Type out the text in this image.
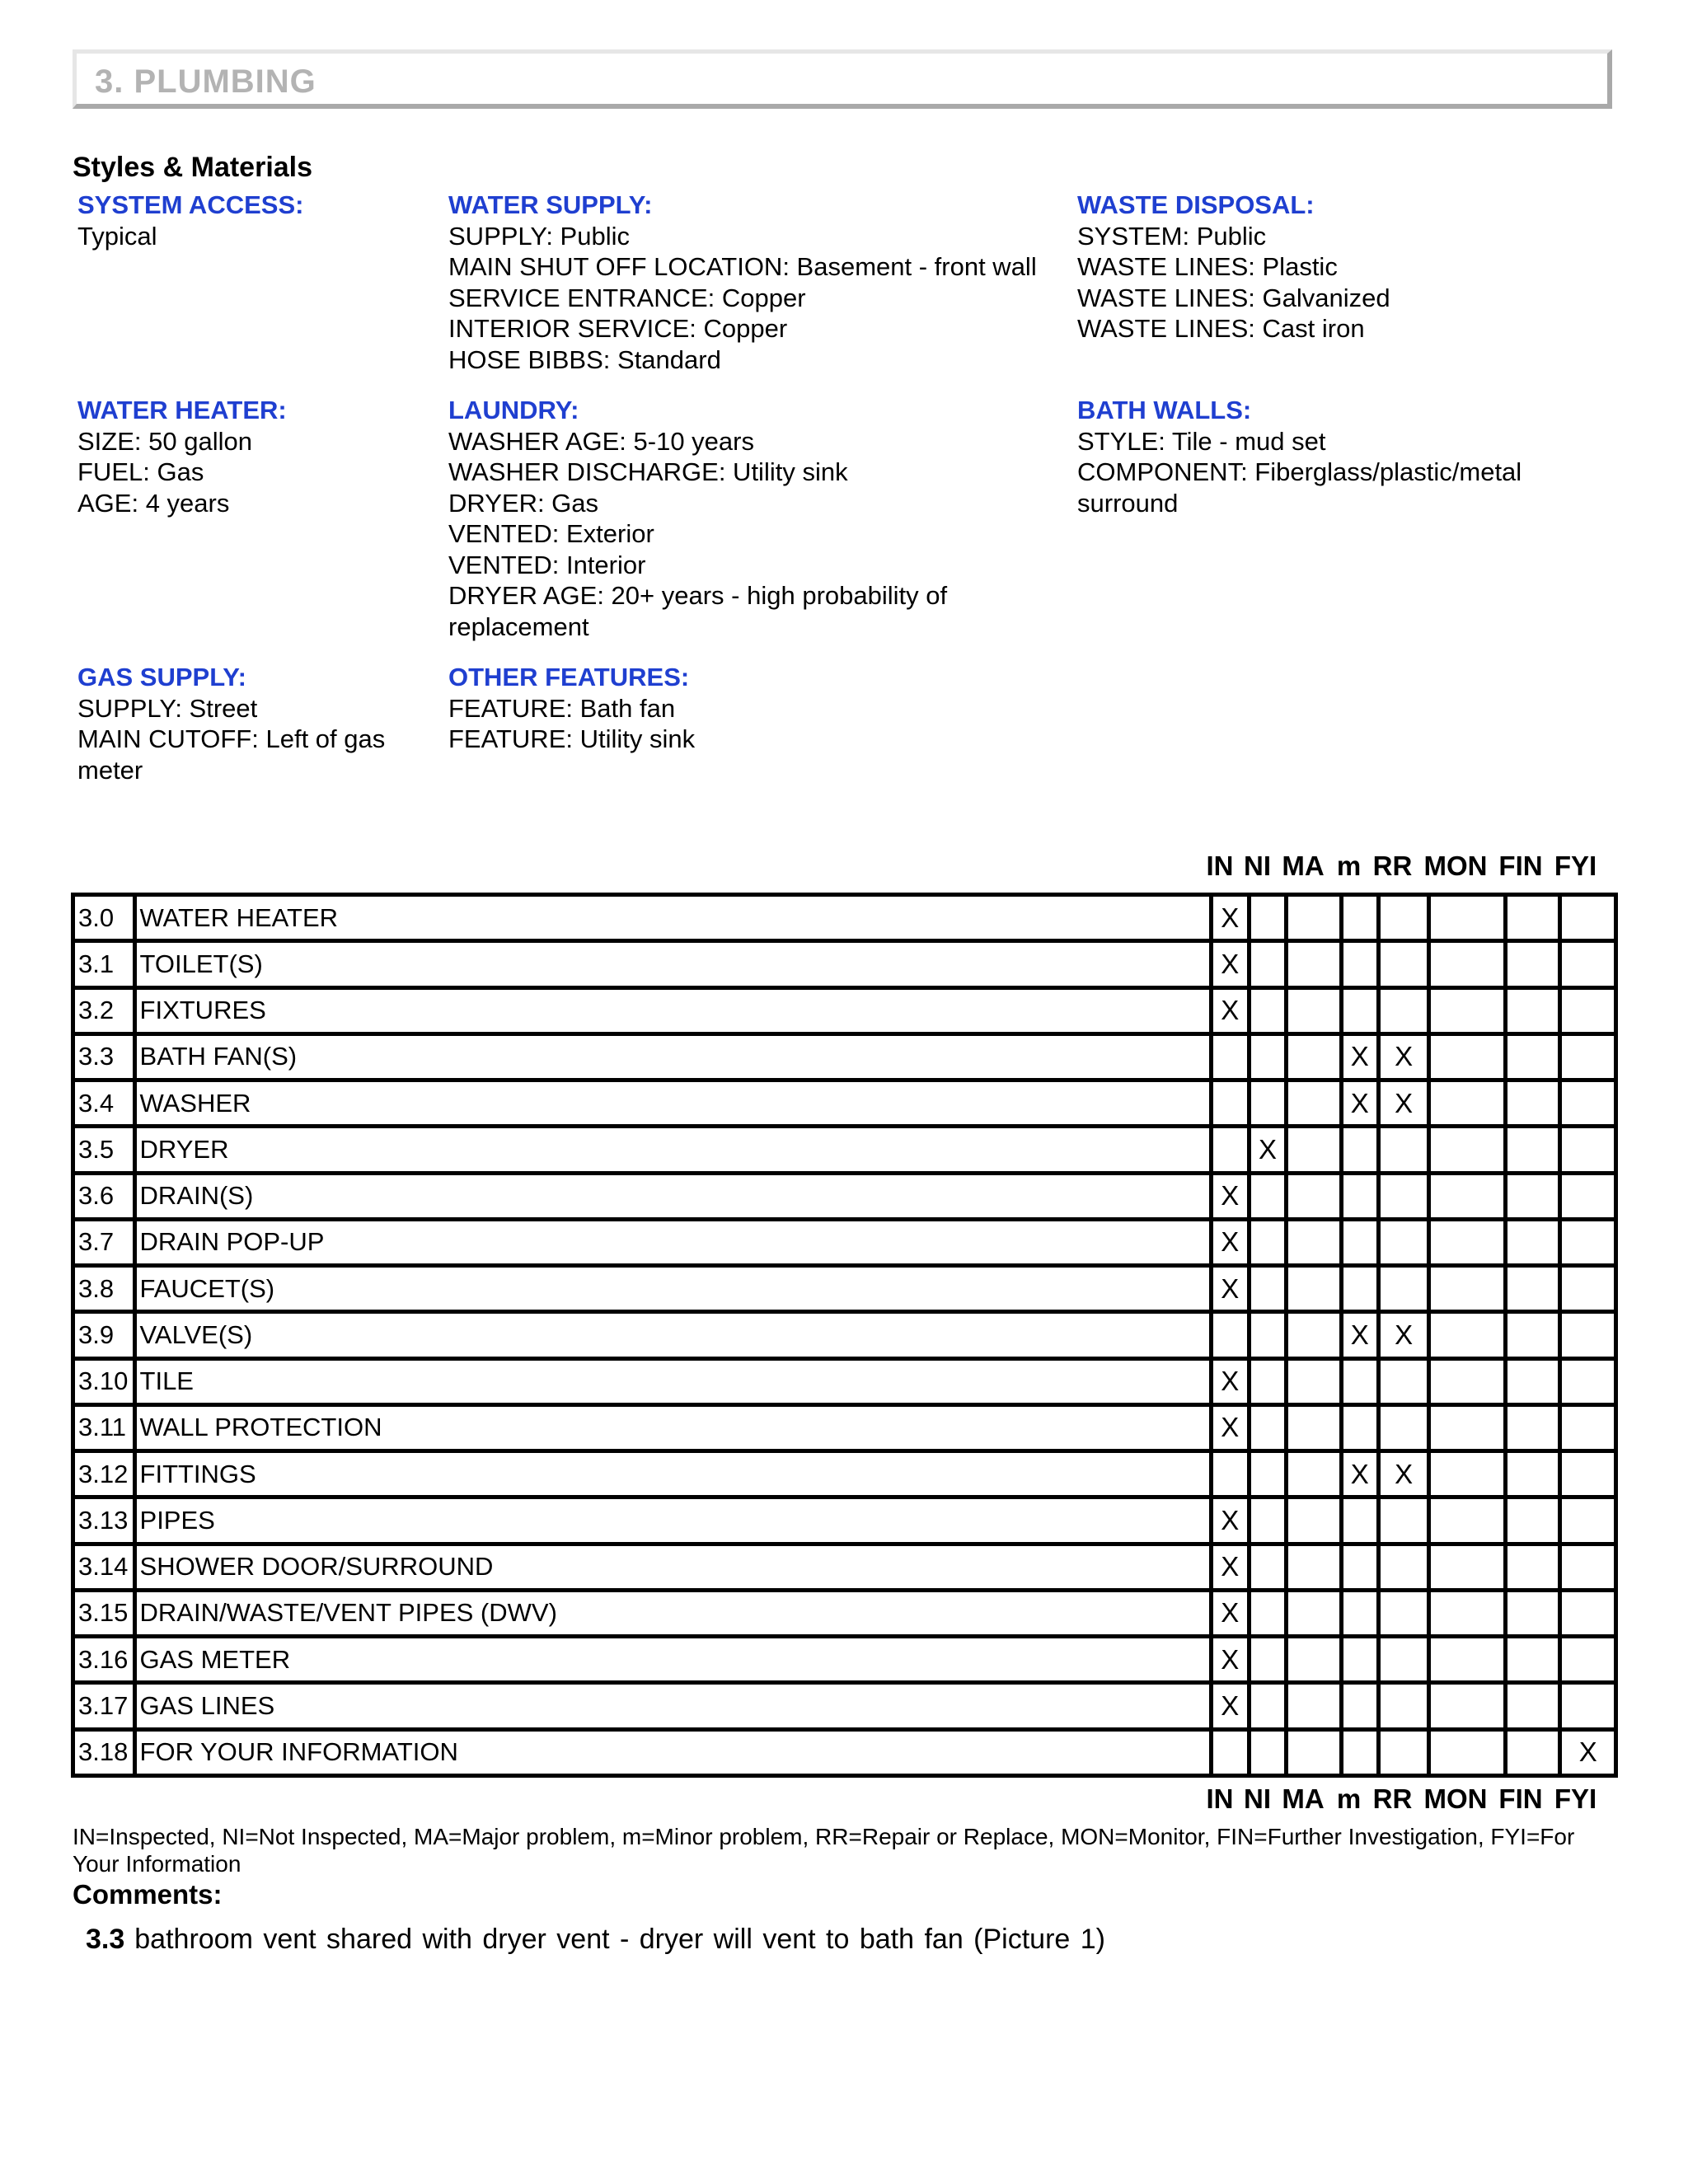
3. PLUMBING
Styles & Materials
SYSTEM ACCESS:
Typical
WATER SUPPLY:
SUPPLY: Public
MAIN SHUT OFF LOCATION: Basement - front wall
SERVICE ENTRANCE: Copper
INTERIOR SERVICE: Copper
HOSE BIBBS: Standard
WASTE DISPOSAL:
SYSTEM: Public
WASTE LINES: Plastic
WASTE LINES: Galvanized
WASTE LINES: Cast iron
WATER HEATER:
SIZE: 50 gallon
FUEL: Gas
AGE: 4 years
LAUNDRY:
WASHER AGE: 5-10 years
WASHER DISCHARGE: Utility sink
DRYER: Gas
VENTED: Exterior
VENTED: Interior
DRYER AGE: 20+ years - high probability of replacement
BATH WALLS:
STYLE: Tile - mud set
COMPONENT: Fiberglass/plastic/metal surround
GAS SUPPLY:
SUPPLY: Street
MAIN CUTOFF: Left of gas meter
OTHER FEATURES:
FEATURE: Bath fan
FEATURE: Utility sink
IN NI MA m RR MON FIN FYI
3.0	WATER HEATER	X							
3.1	TOILET(S)	X							
3.2	FIXTURES	X							
3.3	BATH FAN(S)				X	X			
3.4	WASHER				X	X			
3.5	DRYER		X						
3.6	DRAIN(S)	X							
3.7	DRAIN POP-UP	X							
3.8	FAUCET(S)	X							
3.9	VALVE(S)				X	X			
3.10	TILE	X							
3.11	WALL PROTECTION	X							
3.12	FITTINGS				X	X			
3.13	PIPES	X							
3.14	SHOWER DOOR/SURROUND	X							
3.15	DRAIN/WASTE/VENT PIPES (DWV)	X							
3.16	GAS METER	X							
3.17	GAS LINES	X							
3.18	FOR YOUR INFORMATION								X
IN NI MA m RR MON FIN FYI
IN=Inspected, NI=Not Inspected, MA=Major problem, m=Minor problem, RR=Repair or Replace, MON=Monitor, FIN=Further Investigation, FYI=For Your Information
Comments:
3.3 bathroom vent shared with dryer vent - dryer will vent to bath fan (Picture 1)
